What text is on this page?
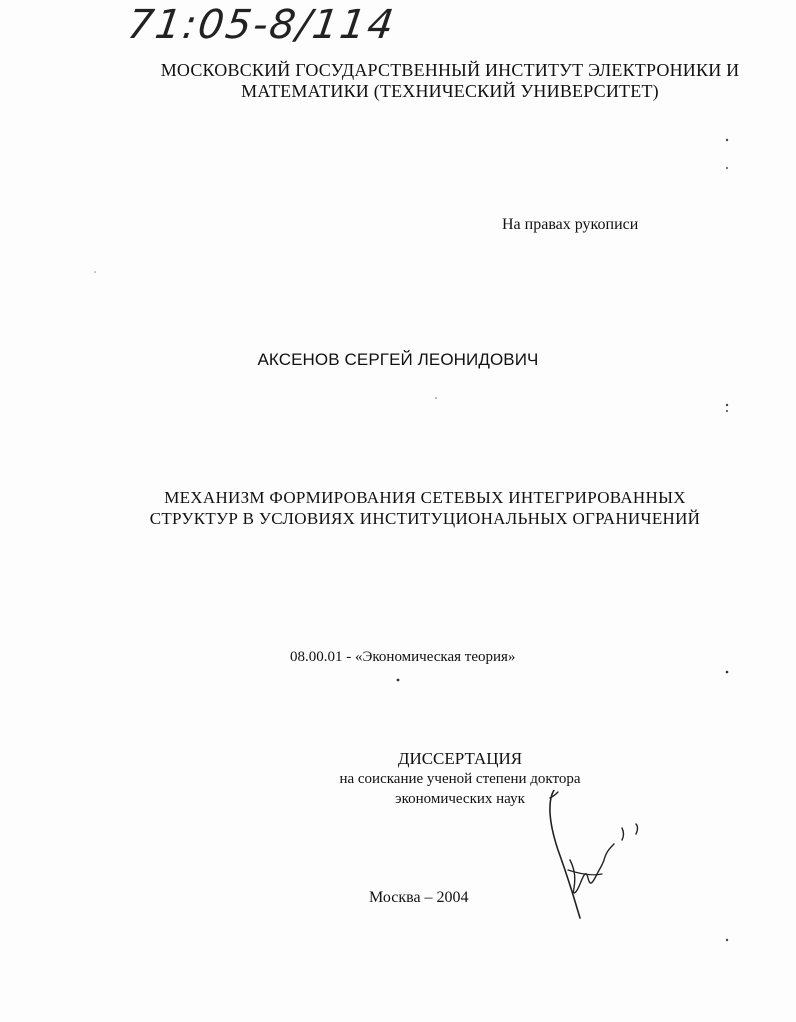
71:05-8/114
МОСКОВСКИЙ ГОСУДАРСТВЕННЫЙ ИНСТИТУТ ЭЛЕКТРОНИКИ И
МАТЕМАТИКИ (ТЕХНИЧЕСКИЙ УНИВЕРСИТЕТ)
На правах рукописи
АКСЕНОВ СЕРГЕЙ ЛЕОНИДОВИЧ
МЕХАНИЗМ ФОРМИРОВАНИЯ СЕТЕВЫХ ИНТЕГРИРОВАННЫХ
СТРУКТУР В УСЛОВИЯХ ИНСТИТУЦИОНАЛЬНЫХ ОГРАНИЧЕНИЙ
08.00.01 - «Экономическая теория»
ДИССЕРТАЦИЯ
на соискание ученой степени доктора
экономических наук
Москва – 2004
